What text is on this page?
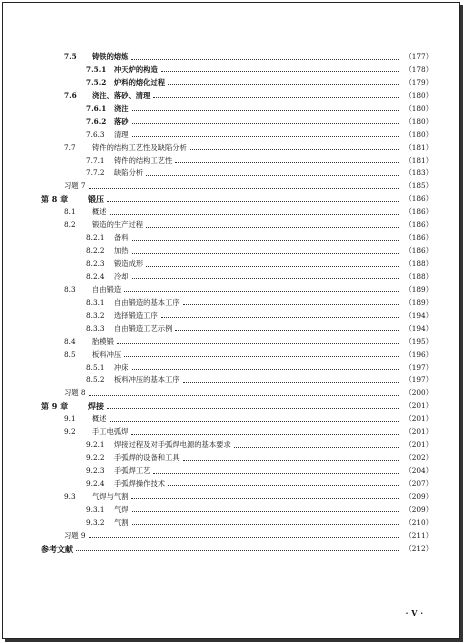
7.5	铸铁的熔炼	（177）
7.5.1	冲天炉的构造	（178）
7.5.2	炉料的熔化过程	（179）
7.6	浇注、落砂、清理	（180）
7.6.1	浇注	（180）
7.6.2	落砂	（180）
7.6.3	清理	（180）
7.7	铸件的结构工艺性及缺陷分析	（181）
7.7.1	铸件的结构工艺性	（181）
7.7.2	缺陷分析	（183）
习题 7	（185）
第 8 章	锻压	（186）
8.1	概述	（186）
8.2	锻造的生产过程	（186）
8.2.1	备料	（186）
8.2.2	加热	（186）
8.2.3	锻造成形	（188）
8.2.4	冷却	（188）
8.3	自由锻造	（189）
8.3.1	自由锻造的基本工序	（189）
8.3.2	选择锻造工序	（194）
8.3.3	自由锻造工艺示例	（194）
8.4	胎模锻	（195）
8.5	板料冲压	（196）
8.5.1	冲床	（197）
8.5.2	板料冲压的基本工序	（197）
习题 8	（200）
第 9 章	焊接	（201）
9.1	概述	（201）
9.2	手工电弧焊	（201）
9.2.1	焊接过程及对手弧焊电源的基本要求	（201）
9.2.2	手弧焊的设备和工具	（202）
9.2.3	手弧焊工艺	（204）
9.2.4	手弧焊操作技术	（207）
9.3	气焊与气割	（209）
9.3.1	气焊	（209）
9.3.2	气割	（210）
习题 9	（211）
参考文献	（212）
· V ·
